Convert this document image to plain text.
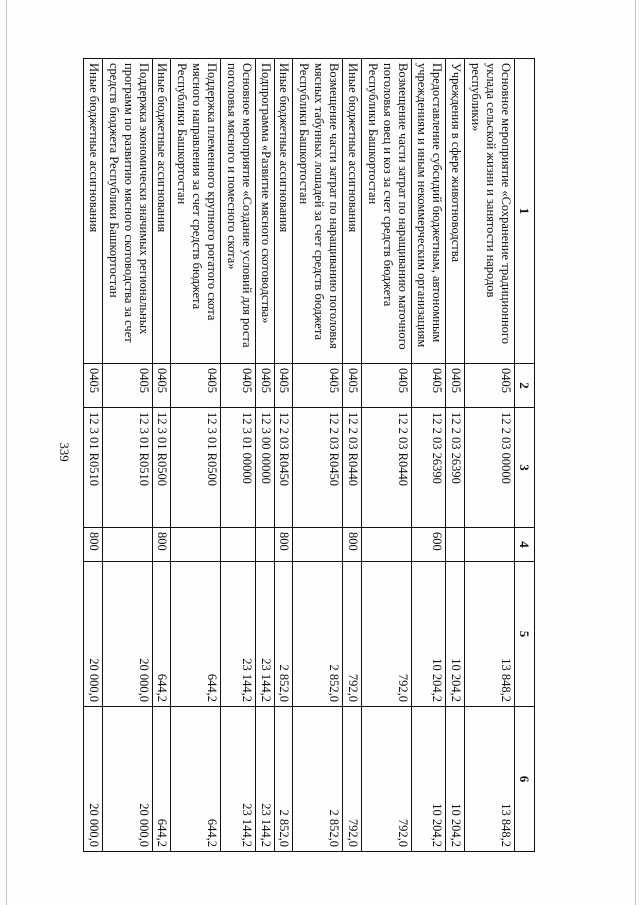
339
1	2	3	4	5	6
Основное мероприятие «Сохранение традиционного уклада сельской жизни и занятости народов республики»	0405	12 2 03 00000		13 848,2	13 848,2
Учреждения в сфере животноводства	0405	12 2 03 26390		10 204,2	10 204,2
Предоставление субсидий бюджетным, автономным учреждениям и иным некоммерческим организациям	0405	12 2 03 26390	600	10 204,2	10 204,2
Возмещение части затрат по наращиванию маточного поголовья овец и коз за счет средств бюджета Республики Башкортостан	0405	12 2 03 R0440		792,0	792,0
Иные бюджетные ассигнования	0405	12 2 03 R0440	800	792,0	792,0
Возмещение части затрат по наращиванию поголовья мясных табунных лошадей за счет средств бюджета Республики Башкортостан	0405	12 2 03 R0450		2 852,0	2 852,0
Иные бюджетные ассигнования	0405	12 2 03 R0450	800	2 852,0	2 852,0
Подпрограмма «Развитие мясного скотоводства»	0405	12 3 00 00000		23 144,2	23 144,2
Основное мероприятие «Создание условий для роста поголовья мясного и помесного скота»	0405	12 3 01 00000		23 144,2	23 144,2
Поддержка племенного крупного рогатого скота мясного направления за счет средств бюджета Республики Башкортостан	0405	12 3 01 R0500		644,2	644,2
Иные бюджетные ассигнования	0405	12 3 01 R0500	800	644,2	644,2
Поддержка экономически значимых региональных программ по развитию мясного скотоводства за счет средств бюджета Республики Башкортостан	0405	12 3 01 R0510		20 000,0	20 000,0
Иные бюджетные ассигнования	0405	12 3 01 R0510	800	20 000,0	20 000,0
